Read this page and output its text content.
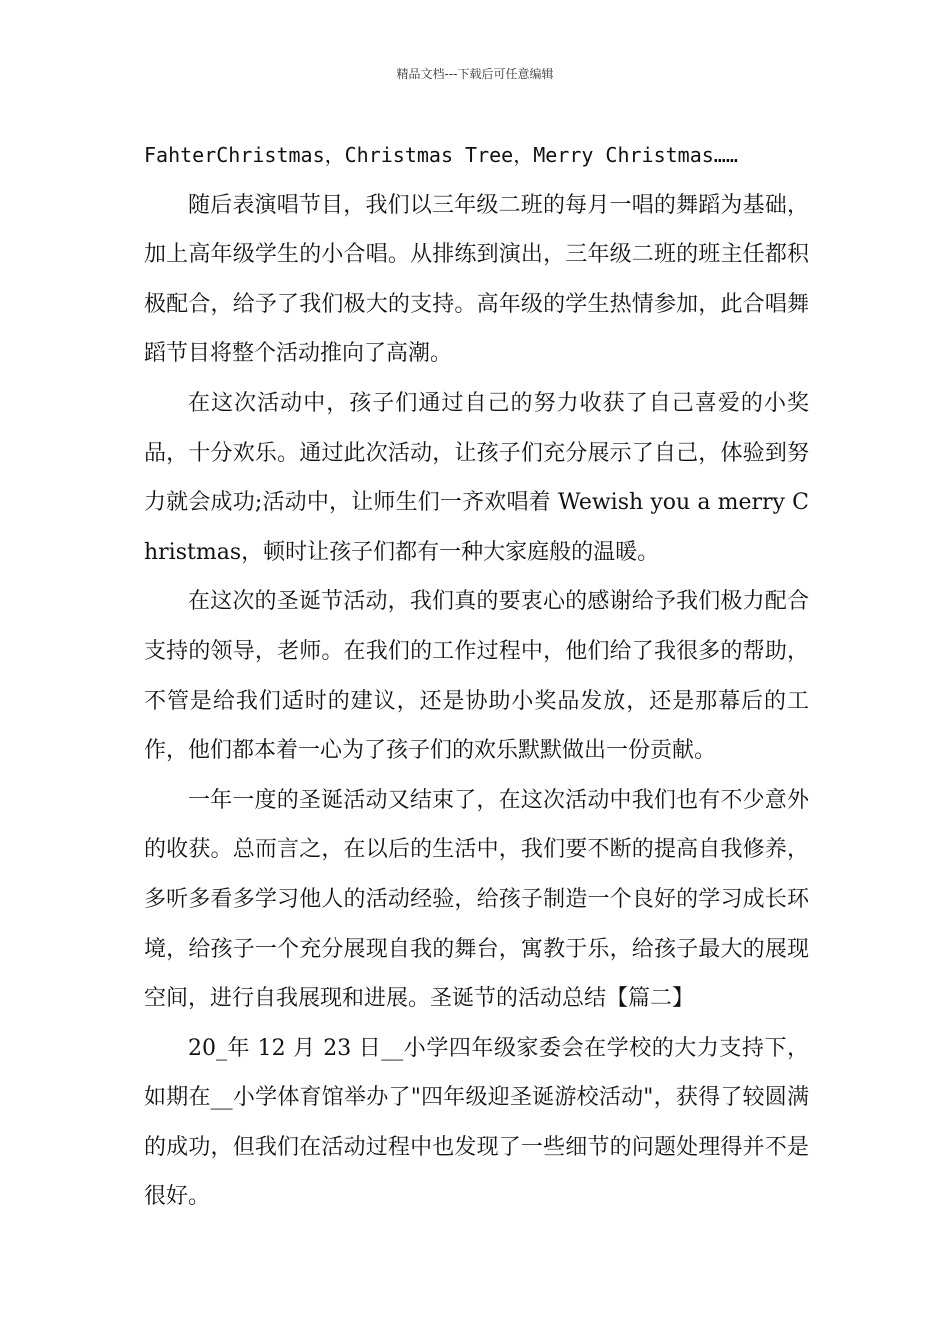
精品文档---下载后可任意编辑

FahterChristmas，Christmas Tree，Merry Christmas……

随后表演唱节目，我们以三年级二班的每月一唱的舞蹈为基础，加上高年级学生的小合唱。从排练到演出，三年级二班的班主任都积极配合，给予了我们极大的支持。高年级的学生热情参加，此合唱舞蹈节目将整个活动推向了高潮。

在这次活动中，孩子们通过自己的努力收获了自己喜爱的小奖品，十分欢乐。通过此次活动，让孩子们充分展示了自己，体验到努力就会成功;活动中，让师生们一齐欢唱着 Wewish you a merry Christmas，顿时让孩子们都有一种大家庭般的温暖。

在这次的圣诞节活动，我们真的要衷心的感谢给予我们极力配合支持的领导，老师。在我们的工作过程中，他们给了我很多的帮助，不管是给我们适时的建议，还是协助小奖品发放，还是那幕后的工作，他们都本着一心为了孩子们的欢乐默默做出一份贡献。

一年一度的圣诞活动又结束了，在这次活动中我们也有不少意外的收获。总而言之，在以后的生活中，我们要不断的提高自我修养，多听多看多学习他人的活动经验，给孩子制造一个良好的学习成长环境，给孩子一个充分展现自我的舞台，寓教于乐，给孩子最大的展现空间，进行自我展现和进展。圣诞节的活动总结【篇二】

20_年 12 月 23 日__小学四年级家委会在学校的大力支持下，如期在__小学体育馆举办了"四年级迎圣诞游校活动"，获得了较圆满的成功，但我们在活动过程中也发现了一些细节的问题处理得并不是很好。
